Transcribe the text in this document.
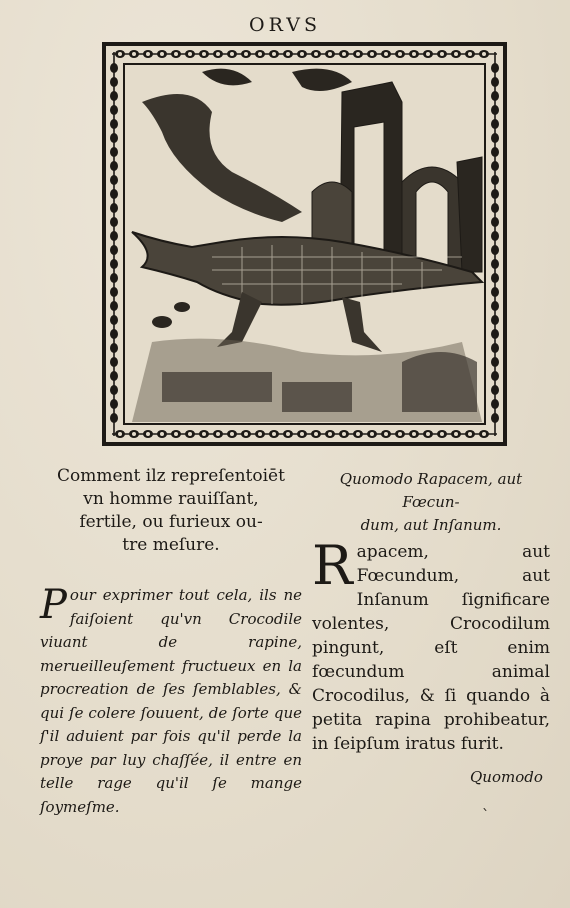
ORVS
Comment ilz repreſentoiēt
vn homme rauiſſant,
fertile, ou furieux ou-
tre meſure.
Quomodo Rapacem, aut Fœcun-
dum, aut Inſanum.
P our exprimer tout cela, ils ne faiſoient qu'vn Crocodile viuant de rapine, merueilleuſement fructueux en la procreation de ſes ſemblables, & qui ſe colere ſouuent, de ſorte que ſ'il aduient par fois qu'il perde la proye par luy chaſſée, il entre en telle rage qu'il ſe mange ſoymeſme.
R apacem, aut Fœcundum, aut Inſanum ſignificare volentes, Crocodilum pingunt, eſt enim fœcundum animal Crocodilus, & ſi quando à petita rapina prohibeatur, in ſeipſum iratus furit.
Quomodo
`
